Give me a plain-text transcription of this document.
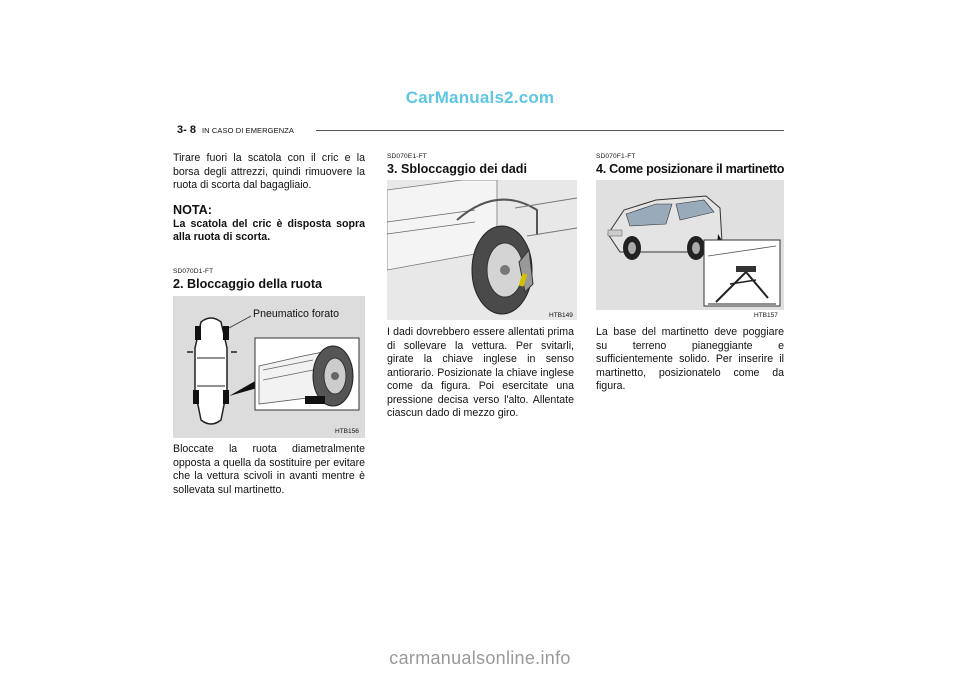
CarManuals2.com
3- 8 IN CASO DI EMERGENZA
Tirare fuori la scatola con il cric e la borsa degli attrezzi, quindi rimuovere la ruota di scorta dal bagagliaio.
NOTA:
La scatola del cric è disposta sopra alla ruota di scorta.
SD070D1-FT
2. Bloccaggio della ruota
Pneumatico forato
HTB156
Bloccate la ruota diametralmente opposta a quella da sostituire per evitare che la vettura scivoli in avanti mentre è sollevata sul martinetto.
SD070E1-FT
3. Sbloccaggio dei dadi
HTB149
I dadi dovrebbero essere allentati prima di sollevare la vettura. Per svitarli, girate la chiave inglese in senso antiorario. Posizionate la chiave inglese come da figura. Poi esercitate una pressione decisa verso l'alto. Allentate ciascun dado di mezzo giro.
SD070F1-FT
4. Come posizionare il martinetto
HTB157
La base del martinetto deve poggiare su terreno pianeggiante e sufficientemente solido. Per inserire il martinetto, posizionatelo come da figura.
carmanualsonline.info
